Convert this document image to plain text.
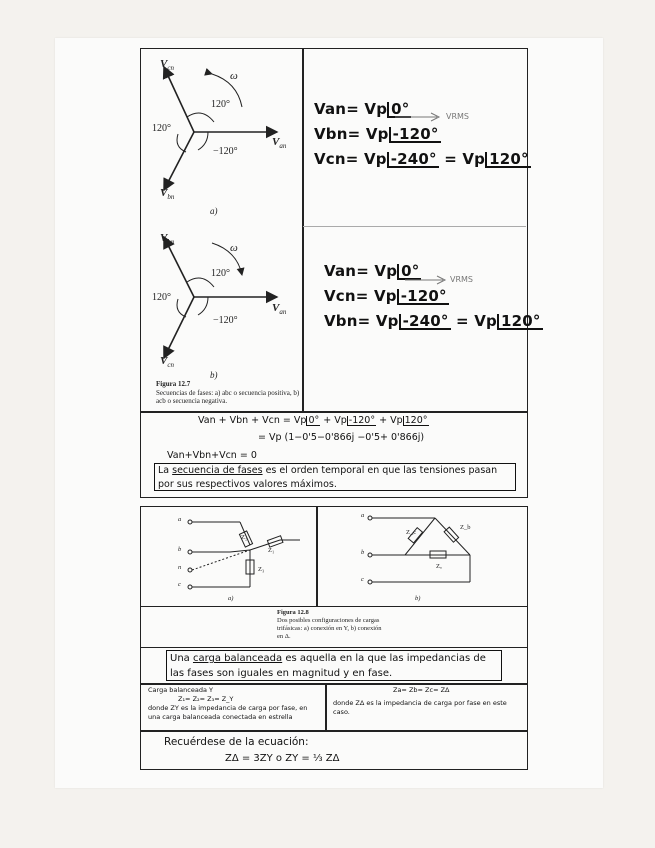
$V_{cn}$
ω
120°
120°
−120°
$V_{an}$
$V_{bn}$
a)
$V_{bn}$	ω
120°
120°
−120°
$V_{an}$
$V_{cn}$
b)
Figura 12.7
Secuencias de fases: a) abc o secuencia positiva, b) acb o secuencia negativa.
Van= Vp 0°
Vbn= Vp -120°
Vcn= Vp -240° = Vp 120°
VRMS
Van= Vp 0°
Vcn= Vp -120°
Vbn= Vp -240° = Vp 120°
VRMS
Van + Vbn + Vcn = Vp 0° + Vp -120° + Vp 120°
= Vp (1−0'5−0'866j −0'5+ 0'866j)
Van+Vbn+Vcn = 0
La secuencia de fases es el orden temporal en que las tensiones pasan por sus respectivos valores máximos.
a
b
n
c
Z₁
Z₂
Z₃
a)
a
b
c
Z_c
Z_b
Zₐ
b)
Figura 12.8
Dos posibles configuraciones de cargas trifásicas: a) conexión en Y, b) conexión en Δ.
Una carga balanceada es aquella en la que las impedancias de las fases son iguales en magnitud y en fase.
Carga balanceada Y
Z₁= Z₂= Z₃= Z_Y
donde ZY es la impedancia de carga por fase, en una carga balanceada conectada en estrella
Za= Zb= Zc= ZΔ
donde ZΔ es la impedancia de carga por fase en este caso.
Recuérdese de la ecuación:
ZΔ = 3ZY o ZY = ⅓ ZΔ
